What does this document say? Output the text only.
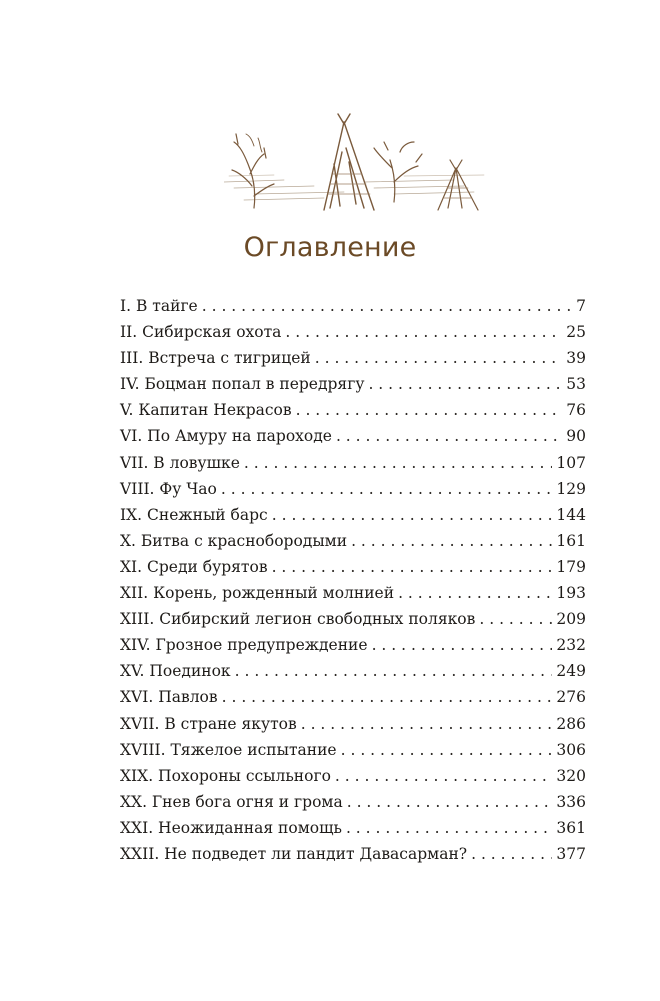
Оглавление
I. В тайге . . .	7
II. Сибирская охота . . .	25
III. Встреча с тигрицей . . .	39
IV. Боцман попал в передрягу . . .	53
V. Капитан Некрасов . . .	76
VI. По Амуру на пароходе . . .	90
VII. В ловушке . . .	107
VIII. Фу Чао . . .	129
IX. Снежный барс . . .	144
X. Битва с краснобородыми . . .	161
XI. Среди бурятов . . .	179
XII. Корень, рожденный молнией . . .	193
XIII. Сибирский легион свободных поляков . . .	209
XIV. Грозное предупреждение . . .	232
XV. Поединок . . .	249
XVI. Павлов . . .	276
XVII. В стране якутов . . .	286
XVIII. Тяжелое испытание . . .	306
XIX. Похороны ссыльного . . .	320
XX. Гнев бога огня и грома . . .	336
XXI. Неожиданная помощь . . .	361
XXII. Не подведет ли пандит Давасарман? . . .	377
